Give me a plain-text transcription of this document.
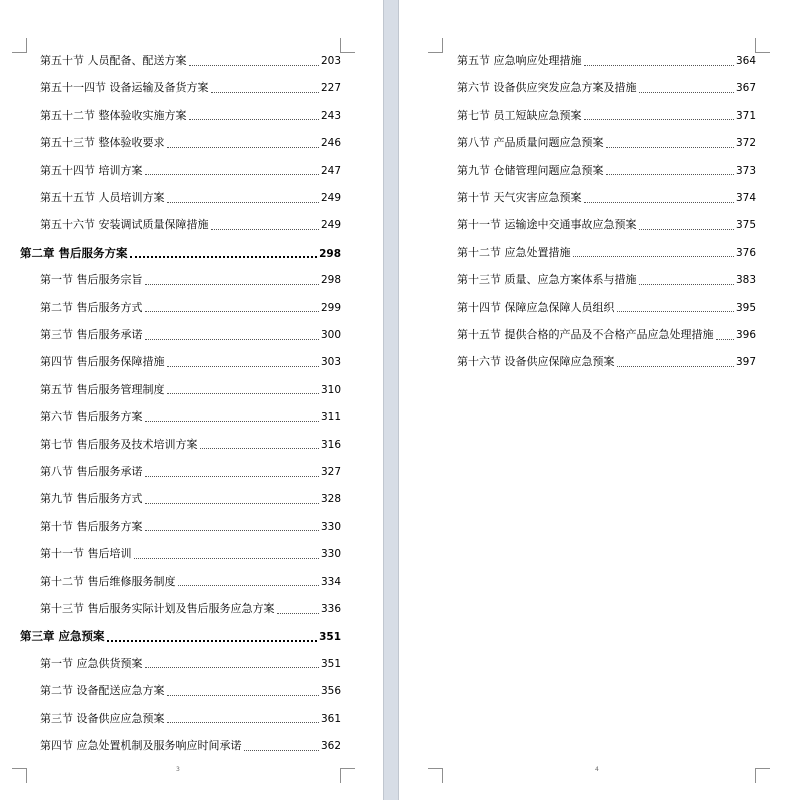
第五十节 人员配备、配送方案	203
第五十一四节 设备运输及备货方案	227
第五十二节 整体验收实施方案	243
第五十三节 整体验收要求	246
第五十四节 培训方案	247
第五十五节 人员培训方案	249
第五十六节 安装调试质量保障措施	249
第二章 售后服务方案	298
第一节 售后服务宗旨	298
第二节 售后服务方式	299
第三节 售后服务承诺	300
第四节 售后服务保障措施	303
第五节 售后服务管理制度	310
第六节 售后服务方案	311
第七节 售后服务及技术培训方案	316
第八节 售后服务承诺	327
第九节 售后服务方式	328
第十节 售后服务方案	330
第十一节 售后培训	330
第十二节 售后维修服务制度	334
第十三节 售后服务实际计划及售后服务应急方案	336
第三章 应急预案	351
第一节 应急供货预案	351
第二节 设备配送应急方案	356
第三节 设备供应应急预案	361
第四节 应急处置机制及服务响应时间承诺	362
3
第五节 应急响应处理措施	364
第六节 设备供应突发应急方案及措施	367
第七节 员工短缺应急预案	371
第八节 产品质量问题应急预案	372
第九节 仓储管理问题应急预案	373
第十节 天气灾害应急预案	374
第十一节 运输途中交通事故应急预案	375
第十二节 应急处置措施	376
第十三节 质量、应急方案体系与措施	383
第十四节 保障应急保障人员组织	395
第十五节 提供合格的产品及不合格产品应急处理措施 396
第十六节 设备供应保障应急预案	397
4
